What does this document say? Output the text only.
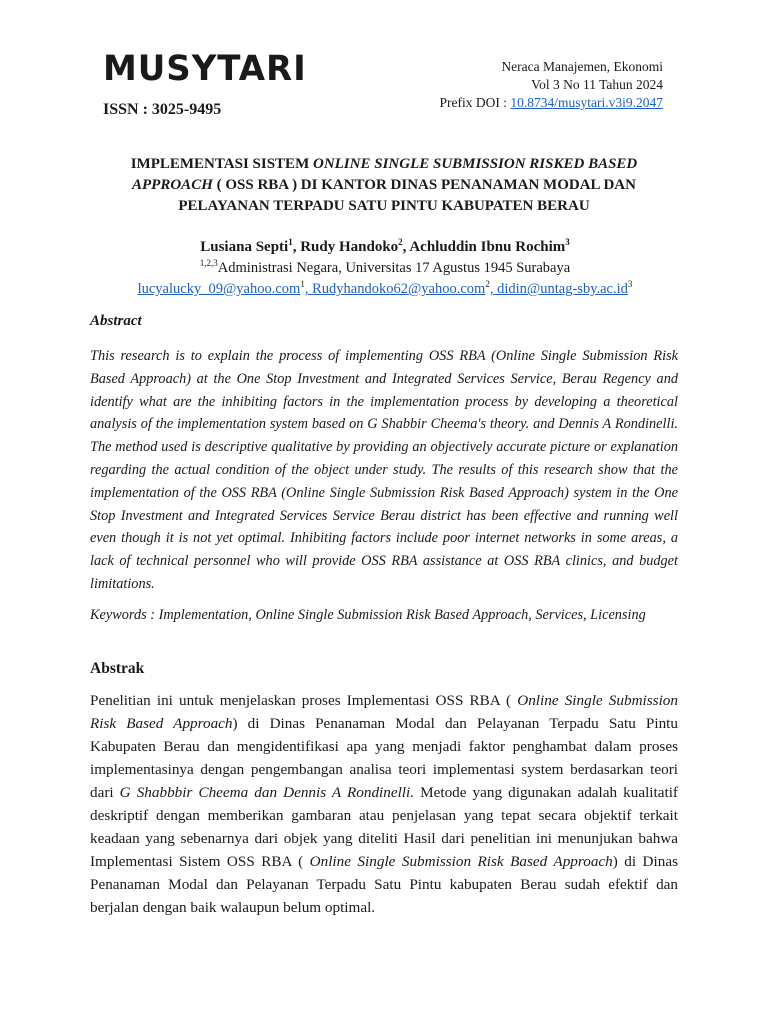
MUSYTARI
ISSN : 3025-9495
Neraca Manajemen, Ekonomi
Vol 3 No 11 Tahun 2024
Prefix DOI : 10.8734/musytari.v3i9.2047
IMPLEMENTASI SISTEM ONLINE SINGLE SUBMISSION RISKED BASED APPROACH ( OSS RBA ) DI KANTOR DINAS PENANAMAN MODAL DAN PELAYANAN TERPADU SATU PINTU KABUPATEN BERAU
Lusiana Septi$^1$, Rudy Handoko$^2$, Achluddin Ibnu Rochim$^3$
$^{1,2,3}$Administrasi Negara, Universitas 17 Agustus 1945 Surabaya
lucyalucky_09@yahoo.com$^1$, Rudyhandoko62@yahoo.com$^2$, $didin@untag-sby.ac.id^3$
Abstract

This research is to explain the process of implementing OSS RBA (Online Single Submission Risk Based Approach) at the One Stop Investment and Integrated Services Service, Berau Regency and identify what are the inhibiting factors in the implementation process by developing a theoretical analysis of the implementation system based on G Shabbir Cheema's theory. and Dennis A Rondinelli. The method used is descriptive qualitative by providing an objectively accurate picture or explanation regarding the actual condition of the object under study. The results of this research show that the implementation of the OSS RBA (Online Single Submission Risk Based Approach) system in the One Stop Investment and Integrated Services Service Berau district has been effective and running well even though it is not yet optimal. Inhibiting factors include poor internet networks in some areas, a lack of technical personnel who will provide OSS RBA assistance at OSS RBA clinics, and budget limitations.

Keywords : Implementation, Online Single Submission Risk Based Approach, Services, Licensing

Abstrak

Penelitian ini untuk menjelaskan proses Implementasi OSS RBA ( Online Single Submission Risk Based Approach) di Dinas Penanaman Modal dan Pelayanan Terpadu Satu Pintu Kabupaten Berau dan mengidentifikasi apa yang menjadi faktor penghambat dalam proses implementasinya dengan pengembangan analisa teori implementasi system berdasarkan teori dari G Shabbbir Cheema dan Dennis A Rondinelli. Metode yang digunakan adalah kualitatif deskriptif dengan memberikan gambaran atau penjelasan yang tepat secara objektif terkait keadaan yang sebenarnya dari objek yang diteliti Hasil dari penelitian ini menunjukan bahwa Implementasi Sistem OSS RBA ( Online Single Submission Risk Based Approach) di Dinas Penanaman Modal dan Pelayanan Terpadu Satu Pintu kabupaten Berau sudah efektif dan berjalan dengan baik walaupun belum optimal.
